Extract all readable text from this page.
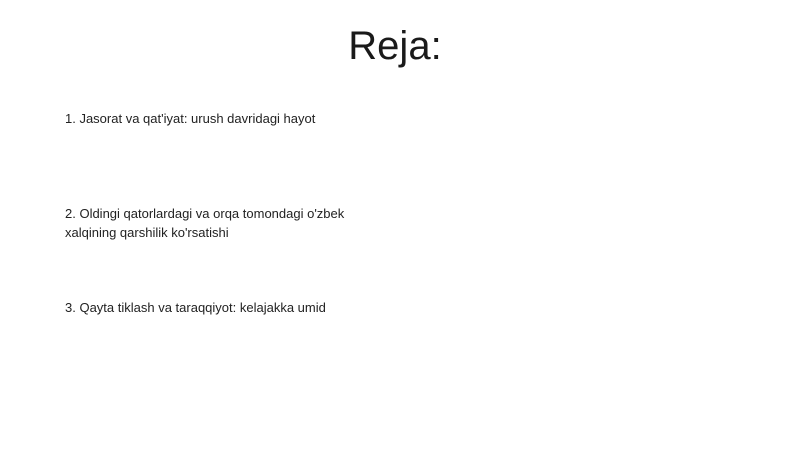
Reja:
1. Jasorat va qat'iyat: urush davridagi hayot
2. Oldingi qatorlardagi va orqa tomondagi o'zbek xalqining qarshilik ko'rsatishi
3. Qayta tiklash va taraqqiyot: kelajakka umid
